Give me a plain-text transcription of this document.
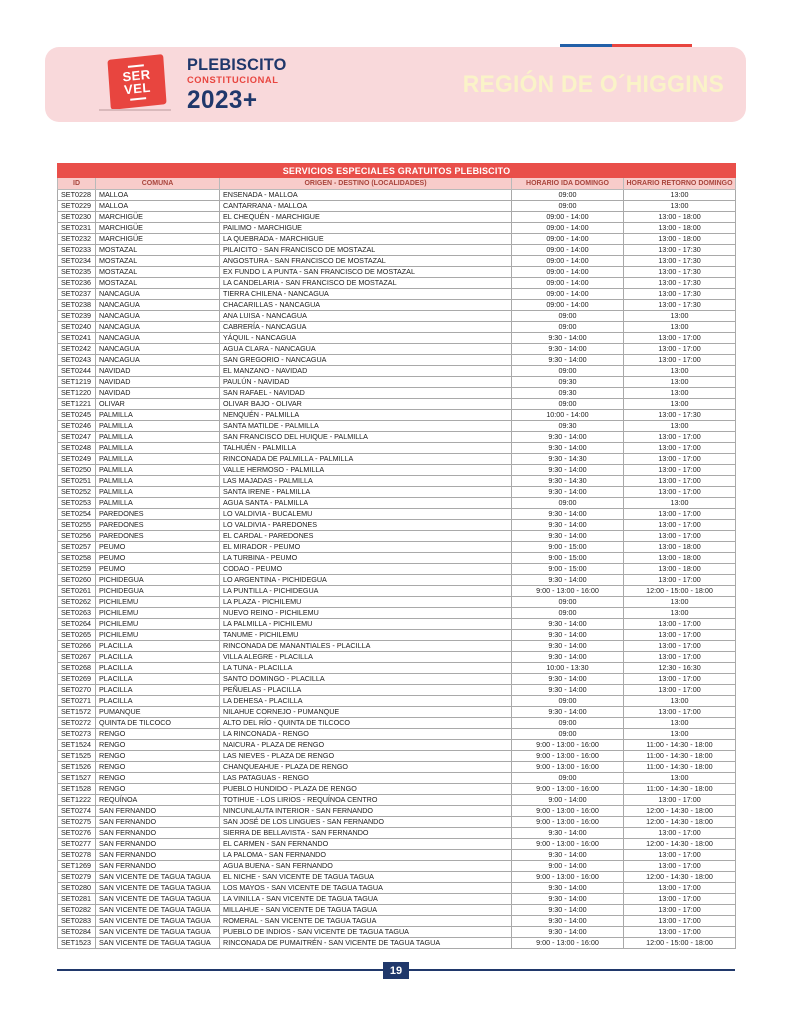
SER
VEL
PLEBISCITO
CONSTITUCIONAL
2023+
REGIÓN DE O´HIGGINS
SERVICIOS ESPECIALES GRATUITOS PLEBISCITO				
ID	COMUNA	ORIGEN - DESTINO (LOCALIDADES)	HORARIO IDA DOMINGO	HORARIO RETORNO DOMINGO
SET0228	MALLOA	ENSENADA - MALLOA	09:00	13:00
SET0229	MALLOA	CANTARRANA - MALLOA	09:00	13:00
SET0230	MARCHIGÜE	EL CHEQUÉN - MARCHIGUE	09:00 - 14:00	13:00 - 18:00
SET0231	MARCHIGÜE	PAILIMO - MARCHIGUE	09:00 - 14:00	13:00 - 18:00
SET0232	MARCHIGÜE	LA QUEBRADA - MARCHIGUE	09:00 - 14:00	13:00 - 18:00
SET0233	MOSTAZAL	PILAICITO - SAN FRANCISCO DE MOSTAZAL	09:00 - 14:00	13:00 - 17:30
SET0234	MOSTAZAL	ANGOSTURA - SAN FRANCISCO DE MOSTAZAL	09:00 - 14:00	13:00 - 17:30
SET0235	MOSTAZAL	EX FUNDO L A PUNTA - SAN FRANCISCO DE MOSTAZAL	09:00 - 14:00	13:00 - 17:30
SET0236	MOSTAZAL	LA CANDELARIA - SAN FRANCISCO DE MOSTAZAL	09:00 - 14:00	13:00 - 17:30
SET0237	NANCAGUA	TIERRA CHILENA - NANCAGUA	09:00 - 14:00	13:00 - 17:30
SET0238	NANCAGUA	CHACARILLAS - NANCAGUA	09:00 - 14:00	13:00 - 17:30
SET0239	NANCAGUA	ANA LUISA - NANCAGUA	09:00	13:00
SET0240	NANCAGUA	CABRERÍA - NANCAGUA	09:00	13:00
SET0241	NANCAGUA	YÁQUIL - NANCAGUA	9:30 - 14:00	13:00 - 17:00
SET0242	NANCAGUA	AGUA CLARA - NANCAGUA	9:30 - 14:00	13:00 - 17:00
SET0243	NANCAGUA	SAN GREGORIO - NANCAGUA	9:30 - 14:00	13:00 - 17:00
SET0244	NAVIDAD	EL MANZANO - NAVIDAD	09:00	13:00
SET1219	NAVIDAD	PAULÚN - NAVIDAD	09:30	13:00
SET1220	NAVIDAD	SAN RAFAEL - NAVIDAD	09:30	13:00
SET1221	OLIVAR	OLIVAR BAJO - OLIVAR	09:00	13:00
SET0245	PALMILLA	NENQUÉN - PALMILLA	10:00 - 14:00	13:00 - 17:30
SET0246	PALMILLA	SANTA MATILDE - PALMILLA	09:30	13:00
SET0247	PALMILLA	SAN FRANCISCO DEL HUIQUE - PALMILLA	9:30 - 14:00	13:00 - 17:00
SET0248	PALMILLA	TALHUÉN - PALMILLA	9:30 - 14:00	13:00 - 17:00
SET0249	PALMILLA	RINCONADA DE PALMILLA - PALMILLA	9:30 - 14:30	13:00 - 17:00
SET0250	PALMILLA	VALLE HERMOSO - PALMILLA	9:30 - 14:00	13:00 - 17:00
SET0251	PALMILLA	LAS MAJADAS - PALMILLA	9:30 - 14:30	13:00 - 17:00
SET0252	PALMILLA	SANTA IRENE - PALMILLA	9:30 - 14:00	13:00 - 17:00
SET0253	PALMILLA	AGUA SANTA - PALMILLA	09:00	13:00
SET0254	PAREDONES	LO VALDIVIA - BUCALEMU	9:30 - 14:00	13:00 - 17:00
SET0255	PAREDONES	LO VALDIVIA - PAREDONES	9:30 - 14:00	13:00 - 17:00
SET0256	PAREDONES	EL CARDAL - PAREDONES	9:30 - 14:00	13:00 - 17:00
SET0257	PEUMO	EL MIRADOR - PEUMO	9:00 - 15:00	13:00 - 18:00
SET0258	PEUMO	LA TURBINA - PEUMO	9:00 - 15:00	13:00 - 18:00
SET0259	PEUMO	CODAO - PEUMO	9:00 - 15:00	13:00 - 18:00
SET0260	PICHIDEGUA	LO ARGENTINA - PICHIDEGUA	9:30 - 14:00	13:00 - 17:00
SET0261	PICHIDEGUA	LA PUNTILLA - PICHIDEGUA	9:00 - 13:00 - 16:00	12:00 - 15:00 - 18:00
SET0262	PICHILEMU	LA PLAZA - PICHILEMU	09:00	13:00
SET0263	PICHILEMU	NUEVO REINO - PICHILEMU	09:00	13:00
SET0264	PICHILEMU	LA PALMILLA - PICHILEMU	9:30 - 14:00	13:00 - 17:00
SET0265	PICHILEMU	TANUME - PICHILEMU	9:30 - 14:00	13:00 - 17:00
SET0266	PLACILLA	RINCONADA DE MANANTIALES - PLACILLA	9:30 - 14:00	13:00 - 17:00
SET0267	PLACILLA	VILLA ALEGRE - PLACILLA	9:30 - 14:00	13:00 - 17:00
SET0268	PLACILLA	LA TUNA - PLACILLA	10:00 - 13:30	12:30 - 16:30
SET0269	PLACILLA	SANTO DOMINGO - PLACILLA	9:30 - 14:00	13:00 - 17:00
SET0270	PLACILLA	PEÑUELAS - PLACILLA	9:30 - 14:00	13:00 - 17:00
SET0271	PLACILLA	LA DEHESA - PLACILLA	09:00	13:00
SET1572	PUMANQUE	NILAHUE CORNEJO - PUMANQUE	9:30 - 14:00	13:00 - 17:00
SET0272	QUINTA DE TILCOCO	ALTO DEL RÍO - QUINTA DE TILCOCO	09:00	13:00
SET0273	RENGO	LA RINCONADA - RENGO	09:00	13:00
SET1524	RENGO	NAICURA - PLAZA DE RENGO	9:00 - 13:00 - 16:00	11:00 - 14:30 - 18:00
SET1525	RENGO	LAS NIEVES - PLAZA DE RENGO	9:00 - 13:00 - 16:00	11:00 - 14:30 - 18:00
SET1526	RENGO	CHANQUEAHUE - PLAZA DE RENGO	9:00 - 13:00 - 16:00	11:00 - 14:30 - 18:00
SET1527	RENGO	LAS PATAGUAS - RENGO	09:00	13:00
SET1528	RENGO	PUEBLO HUNDIDO - PLAZA DE RENGO	9:00 - 13:00 - 16:00	11:00 - 14:30 - 18:00
SET1222	REQUÍNOA	TOTIHUE - LOS LIRIOS - REQUÍNOA CENTRO	9:00 - 14:00	13:00 - 17:00
SET0274	SAN FERNANDO	NINCUNLAUTA INTERIOR - SAN FERNANDO	9:00 - 13:00 - 16:00	12:00 - 14:30 - 18:00
SET0275	SAN FERNANDO	SAN JOSÉ DE LOS LINGUES - SAN FERNANDO	9:00 - 13:00 - 16:00	12:00 - 14:30 - 18:00
SET0276	SAN FERNANDO	SIERRA DE BELLAVISTA - SAN FERNANDO	9:30 - 14:00	13:00 - 17:00
SET0277	SAN FERNANDO	EL CARMEN - SAN FERNANDO	9:00 - 13:00 - 16:00	12:00 - 14:30 - 18:00
SET0278	SAN FERNANDO	LA PALOMA - SAN FERNANDO	9:30 - 14:00	13:00 - 17:00
SET1269	SAN FERNANDO	AGUA BUENA - SAN FERNANDO	9:00 - 14:00	13:00 - 17:00
SET0279	SAN VICENTE DE TAGUA TAGUA	EL NICHE - SAN VICENTE DE TAGUA TAGUA	9:00 - 13:00 - 16:00	12:00 - 14:30 - 18:00
SET0280	SAN VICENTE DE TAGUA TAGUA	LOS MAYOS - SAN VICENTE DE TAGUA TAGUA	9:30 - 14:00	13:00 - 17:00
SET0281	SAN VICENTE DE TAGUA TAGUA	LA VINILLA - SAN VICENTE DE TAGUA TAGUA	9:30 - 14:00	13:00 - 17:00
SET0282	SAN VICENTE DE TAGUA TAGUA	MILLAHUE - SAN VICENTE DE TAGUA TAGUA	9:30 - 14:00	13:00 - 17:00
SET0283	SAN VICENTE DE TAGUA TAGUA	ROMERAL - SAN VICENTE DE TAGUA TAGUA	9:30 - 14:00	13:00 - 17:00
SET0284	SAN VICENTE DE TAGUA TAGUA	PUEBLO DE INDIOS - SAN VICENTE DE TAGUA TAGUA	9:30 - 14:00	13:00 - 17:00
SET1523	SAN VICENTE DE TAGUA TAGUA	RINCONADA DE PUMAITRÉN - SAN VICENTE DE TAGUA TAGUA	9:00 - 13:00 - 16:00	12:00 - 15:00 - 18:00
19
